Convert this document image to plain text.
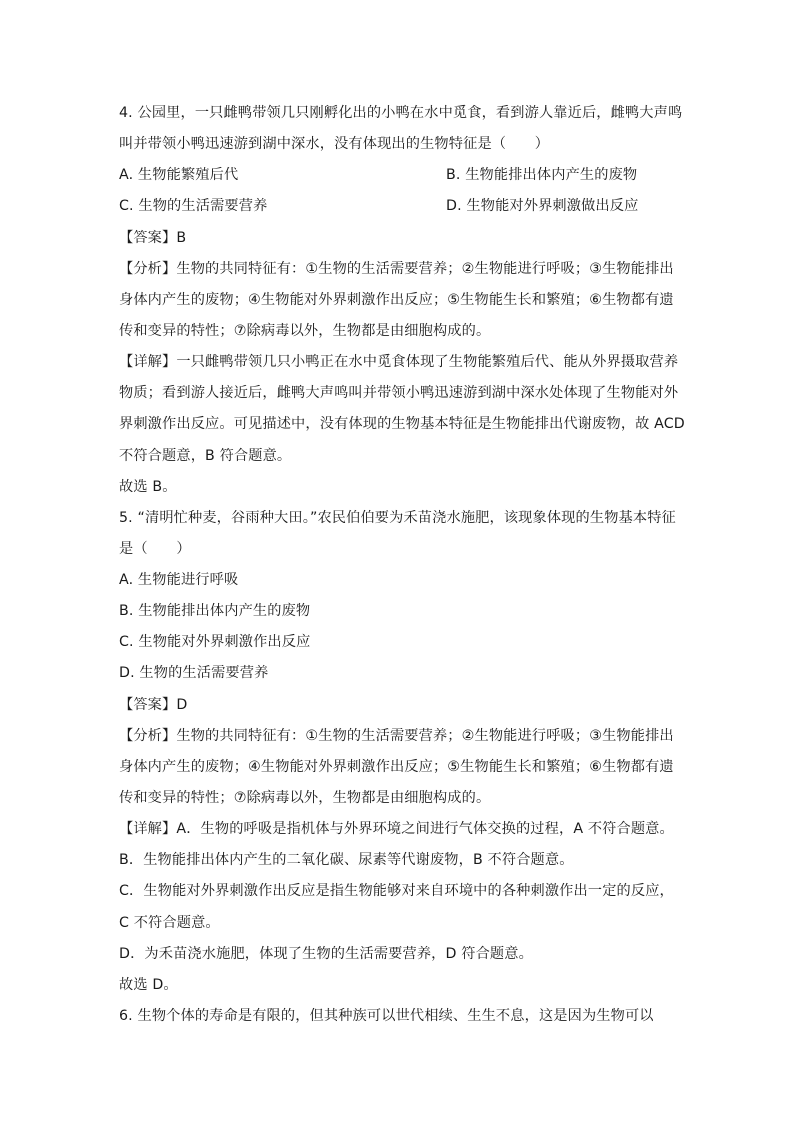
4. 公园里，一只雌鸭带领几只刚孵化出的小鸭在水中觅食，看到游人靠近后，雌鸭大声鸣
叫并带领小鸭迅速游到湖中深水，没有体现出的生物特征是（　　）
A. 生物能繁殖后代	B. 生物能排出体内产生的废物
C. 生物的生活需要营养	D. 生物能对外界刺激做出反应
【答案】B
【分析】生物的共同特征有：①生物的生活需要营养；②生物能进行呼吸；③生物能排出
身体内产生的废物；④生物能对外界刺激作出反应；⑤生物能生长和繁殖；⑥生物都有遗
传和变异的特性；⑦除病毒以外，生物都是由细胞构成的。
【详解】一只雌鸭带领几只小鸭正在水中觅食体现了生物能繁殖后代、能从外界摄取营养
物质；看到游人接近后，雌鸭大声鸣叫并带领小鸭迅速游到湖中深水处体现了生物能对外
界刺激作出反应。可见描述中，没有体现的生物基本特征是生物能排出代谢废物，故 ACD
不符合题意，B 符合题意。
故选 B。
5. “清明忙种麦，谷雨种大田。”农民伯伯要为禾苗浇水施肥，该现象体现的生物基本特征
是（　　）
A. 生物能进行呼吸
B. 生物能排出体内产生的废物
C. 生物能对外界刺激作出反应
D. 生物的生活需要营养
【答案】D
【分析】生物的共同特征有：①生物的生活需要营养；②生物能进行呼吸；③生物能排出
身体内产生的废物；④生物能对外界刺激作出反应；⑤生物能生长和繁殖；⑥生物都有遗
传和变异的特性；⑦除病毒以外，生物都是由细胞构成的。
【详解】A．生物的呼吸是指机体与外界环境之间进行气体交换的过程，A 不符合题意。
B．生物能排出体内产生的二氧化碳、尿素等代谢废物，B 不符合题意。
C．生物能对外界刺激作出反应是指生物能够对来自环境中的各种刺激作出一定的反应，
C 不符合题意。
D．为禾苗浇水施肥，体现了生物的生活需要营养，D 符合题意。
故选 D。
6. 生物个体的寿命是有限的，但其种族可以世代相续、生生不息，这是因为生物可以
